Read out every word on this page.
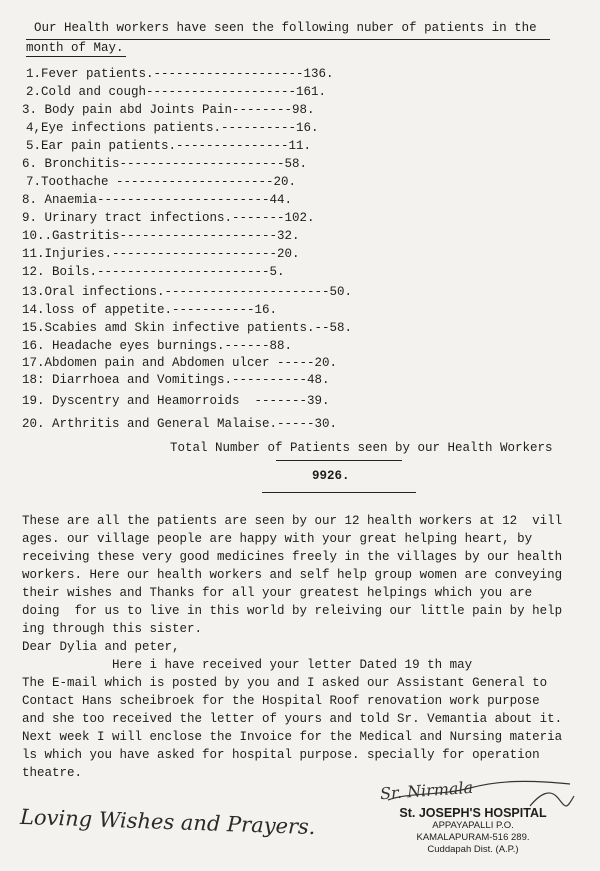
Our Health workers have seen the following nuber of patients in the
month of May.
1.Fever patients.--------------------136.
2.Cold and cough--------------------161.
3. Body pain abd Joints Pain--------98.
4,Eye infections patients.----------16.
5.Ear pain patients.---------------11.
6. Bronchitis----------------------58.
7.Toothache ---------------------20.
8. Anaemia-----------------------44.
9. Urinary tract infections.-------102.
10..Gastritis---------------------32.
11.Injuries.----------------------20.
12. Boils.-----------------------5.
13.Oral infections.----------------------50.
14.loss of appetite.-----------16.
15.Scabies amd Skin infective patients.--58.
16. Headache eyes burnings.------88.
17.Abdomen pain and Abdomen ulcer -----20.
18: Diarrhoea and Vomitings.----------48.
19. Dyscentry and Heamorroids  -------39.
20. Arthritis and General Malaise.-----30.
Total Number of Patients seen by our Health Workers
9926.
These are all the patients are seen by our 12 health workers at 12  vill
ages. our village people are happy with your great helping heart, by
receiving these very good medicines freely in the villages by our health
workers. Here our health workers and self help group women are conveying
their wishes and Thanks for all your greatest helpings which you are
doing  for us to live in this world by releiving our little pain by help
ing through this sister.
Dear Dylia and peter,
Here i have received your letter Dated 19 th may
The E-mail which is posted by you and I asked our Assistant General to
Contact Hans scheibroek for the Hospital Roof renovation work purpose
and she too received the letter of yours and told Sr. Vemantia about it.
Next week I will enclose the Invoice for the Medical and Nursing materia
ls which you have asked for hospital purpose. specially for operation
theatre.
Loving Wishes and Prayers.
Sr. Nirmala
St. JOSEPH'S HOSPITAL
APPAYAPALLI P.O.
KAMALAPURAM-516 289.
Cuddapah Dist. (A.P.)
